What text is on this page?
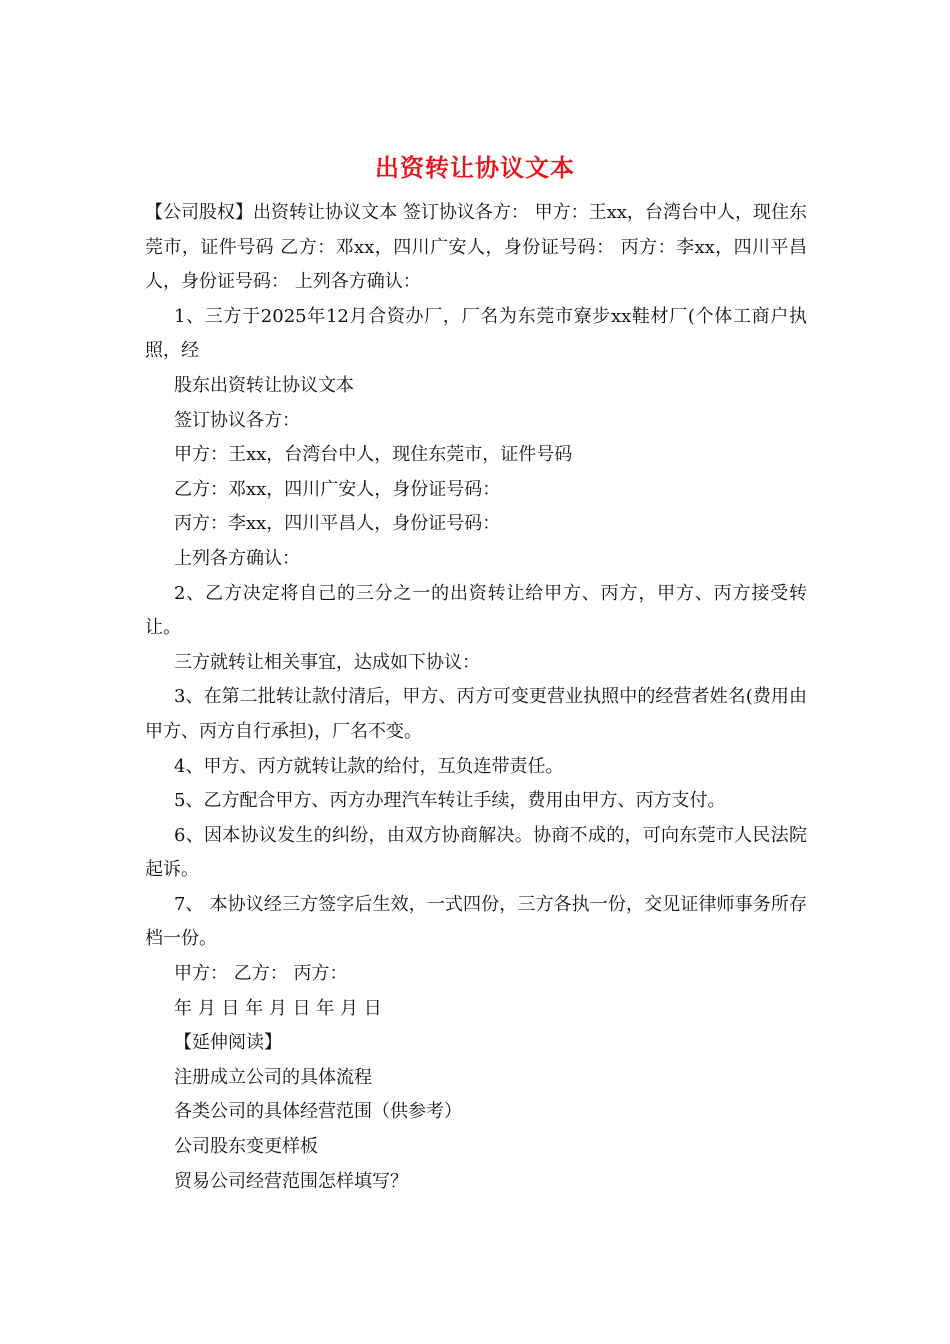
出资转让协议文本

【公司股权】出资转让协议文本 签订协议各方： 甲方：王xx，台湾台中人，现住东莞市，证件号码 乙方：邓xx，四川广安人，身份证号码： 丙方：李xx，四川平昌人，身份证号码： 上列各方确认：

1、三方于2025年12月合资办厂，厂名为东莞市寮步xx鞋材厂(个体工商户执照，经

股东出资转让协议文本

签订协议各方：

甲方：王xx，台湾台中人，现住东莞市，证件号码

乙方：邓xx，四川广安人，身份证号码：

丙方：李xx，四川平昌人，身份证号码：

上列各方确认：

2、乙方决定将自己的三分之一的出资转让给甲方、丙方，甲方、丙方接受转让。

三方就转让相关事宜，达成如下协议：

3、在第二批转让款付清后，甲方、丙方可变更营业执照中的经营者姓名(费用由甲方、丙方自行承担)，厂名不变。

4、甲方、丙方就转让款的给付，互负连带责任。

5、乙方配合甲方、丙方办理汽车转让手续，费用由甲方、丙方支付。

6、因本协议发生的纠纷，由双方协商解决。协商不成的，可向东莞市人民法院起诉。

7、 本协议经三方签字后生效，一式四份，三方各执一份，交见证律师事务所存档一份。

甲方： 乙方： 丙方：

年 月 日 年 月 日 年 月 日

【延伸阅读】

注册成立公司的具体流程

各类公司的具体经营范围（供参考）

公司股东变更样板

贸易公司经营范围怎样填写？
